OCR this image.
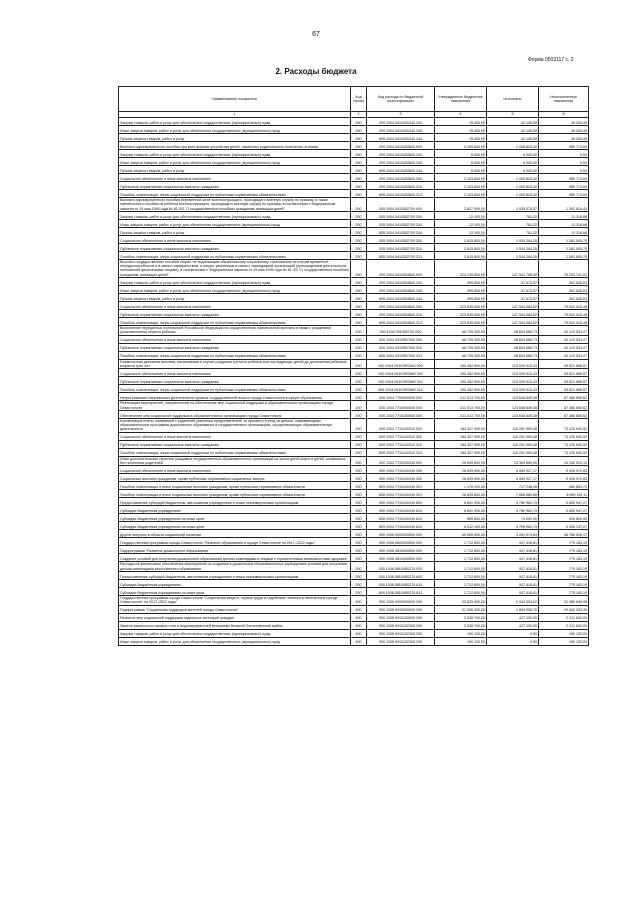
67
Форма 0503117 с. 2
2. Расходы бюджета
Наименование показателя	Код строки	Код расхода по бюджетной классификации	Утвержденные бюджетные назначения	Исполнено	Неисполненные назначения
1	2	3	4	5	6
Закупка товаров, работ и услуг для обеспечения государственных (муниципальных) нужд	200	000 1004 0910300343 200	78 400,00	42 149,55	36 250,45
Иные закупки товаров, работ и услуг для обеспечения государственных (муниципальных) нужд	200	000 1004 0910300343 240	78 400,00	42 149,55	36 250,45
Прочая закупка товаров, работ и услуг	200	855 1004 0910300343 244	78 400,00	42 149,55	36 250,45
Выплата единовременного пособия при всех формах устройства детей, лишенных родительского попечения, в семью	200	000 1004 0910352600 000	2 159 600,00	1 208 825,40	950 774,60
Закупка товаров, работ и услуг для обеспечения государственных (муниципальных) нужд	200	000 1004 0910352600 200	6 000,00	6 000,00	0,00
Иные закупки товаров, работ и услуг для обеспечения государственных (муниципальных) нужд	200	000 1004 0910352600 240	6 000,00	6 000,00	0,00
Прочая закупка товаров, работ и услуг	200	855 1004 0910352600 244	6 000,00	6 000,00	0,00
Социальное обеспечение и иные выплаты населению	200	000 1004 0910352600 300	2 153 600,00	1 202 825,40	950 774,60
Публичные нормативные социальные выплаты гражданам	200	000 1004 0910352600 310	2 153 600,00	1 202 825,40	950 774,60
Пособия, компенсации, меры социальной поддержки по публичным нормативным обязательствам	200	855 1004 0910352600 313	2 153 600,00	1 202 825,40	950 774,60
Выплата единовременного пособия беременной жене военнослужащего, проходящего военную службу по призыву, а также ежемесячного пособия на ребенка военнослужащего, проходящего военную службу по призыву, в соответствии с Федеральным законом от 19 мая 1995 года № 81-ФЗ "О государственных пособиях гражданам, имеющим детей"	200	000 1004 0910352700 000	2 627 900,00	1 535 075,57	1 092 824,43
Закупка товаров, работ и услуг для обеспечения государственных (муниципальных) нужд	200	000 1004 0910352700 200	12 100,00	781,32	11 318,68
Иные закупки товаров, работ и услуг для обеспечения государственных (муниципальных) нужд	200	000 1004 0910352700 240	12 100,00	781,32	11 318,68
Прочая закупка товаров, работ и услуг	200	855 1004 0910352700 244	12 100,00	781,32	11 318,68
Социальное обеспечение и иные выплаты населению	200	000 1004 0910352700 300	2 615 800,00	1 534 294,25	1 081 505,75
Публичные нормативные социальные выплаты гражданам	200	000 1004 0910352700 310	2 615 800,00	1 534 294,25	1 081 505,75
Пособия, компенсации, меры социальной поддержки по публичным нормативным обязательствам	200	855 1004 0910352700 313	2 615 800,00	1 534 294,25	1 081 505,75
Выплата государственных пособий лицам, не подлежащим обязательному социальному страхованию на случай временной нетрудоспособности и в связи с материнством, и лицам, уволенным в связи с ликвидацией организаций (прекращением деятельности, полномочий физическими лицами), в соответствии с Федеральным законом от 19 мая 1995 года № 81-ФЗ "О государственных пособиях гражданам, имеющим детей"	200	000 1004 0910353800 000	224 235 500,00	147 941 758,49	76 293 741,51
Закупка товаров, работ и услуг для обеспечения государственных (муниципальных) нужд	200	000 1004 0910353800 200	399 500,00	37 673,97	361 826,03
Иные закупки товаров, работ и услуг для обеспечения государственных (муниципальных) нужд	200	000 1004 0910353800 240	399 500,00	37 673,97	361 826,03
Прочая закупка товаров, работ и услуг	200	855 1004 0910353800 244	399 500,00	37 673,97	361 826,03
Социальное обеспечение и иные выплаты населению	200	000 1004 0910353800 300	223 836 000,00	147 904 084,52	75 931 915,48
Публичные нормативные социальные выплаты гражданам	200	000 1004 0910353800 310	223 836 000,00	147 904 084,52	75 931 915,48
Пособия, компенсации, меры социальной поддержки по публичным нормативным обязательствам	200	855 1004 0910353800 313	223 836 000,00	147 904 084,52	75 931 915,48
Выполнение переданных полномочий Российской Федерации по осуществлению ежемесячной выплаты в связи с рождением (усыновлением) первого ребенка	200	000 1004 09105573О 000	68 725 200,00	28 604 665,73	40 120 534,27
Социальное обеспечение и иные выплаты населению	200	000 1004 0910557300 300	68 725 200,00	28 604 665,73	40 120 534,27
Публичные нормативные социальные выплаты гражданам	200	000 1004 0910557300 310	68 725 200,00	28 604 665,73	40 120 534,27
Пособия, компенсации, меры социальной поддержки по публичным нормативным обязательствам	200	855 1004 0910557300 313	68 725 200,00	28 604 665,73	40 120 534,27
Ежемесячная денежная выплата, назначаемая в случае рождения третьего ребенка или последующих детей до достижения ребенком возраста трех лет	200	000 1004 0910ЭR0840 000	150 452 800,00	123 930 913,43	26 521 886,57
Социальное обеспечение и иные выплаты населению	200	000 1004 0910ЭR0840 300	150 452 800,00	123 930 913,43	26 521 886,57
Публичные нормативные социальные выплаты гражданам	200	000 1004 0910ЭR0840 310	150 452 800,00	123 930 913,43	26 521 886,57
Пособия, компенсации, меры социальной поддержки по публичным нормативным обязательствам	200	855 1004 0910ЭR0840 313	150 452 800,00	123 930 913,43	26 521 886,57
Непрограммные направления деятельности органов государственной власти города Севастополя в сфере образования	200	000 1004 7700000000 000	211 013 700,00	123 646 849,38	87 366 850,62
Реализация мероприятий, направленных на обеспечение мер социальной поддержки в образовательных организациях города Севастополя	200	000 1004 7710000000 000	211 013 700,00	123 646 849,38	87 366 850,62
Обеспечение мер социальной поддержки в образовательных организациях города Севастополя	200	000 1004 7710100000 000	211 013 700,00	123 646 849,38	87 366 850,62
Компенсация платы, взимаемой с родителей (законных представителей) за присмотр и уход за детьми, осваивающими образовательные программы дошкольного образования в государственных организациях, осуществляющих образовательную деятельность	200	000 1004 7710100310 000	184 407 900,00	110 281 959,48	74 125 940,52
Социальное обеспечение и иные выплаты населению	200	000 1004 7710100310 300	184 407 900,00	110 281 959,48	74 125 940,52
Публичные нормативные социальные выплаты гражданам	200	000 1004 7710100310 310	184 407 900,00	110 281 959,48	74 125 940,52
Пособия, компенсации, меры социальной поддержки по публичным нормативным обязательствам	200	809 1004 7710100310 313	184 407 900,00	110 281 959,48	74 125 940,52
Иные дополнительные гарантии учащимся государственных образовательных организаций из числа детей-сирот и детей, оставшихся без попечения родителей	200	000 1004 7710100340 000	26 605 800,00	13 364 889,90	13 240 910,10
Социальное обеспечение и иные выплаты населению	200	000 1004 7710100340 300	18 003 900,00	8 583 927,17	9 419 972,83
Социальные выплаты гражданам, кроме публичных нормативных социальных выплат	200	000 1004 7710100340 320	18 003 900,00	8 583 927,17	9 419 972,83
Пособия, компенсации и иные социальные выплаты гражданам, кроме публичных нормативных обязательств	200	809 1004 7710100340 321	1 178 100,00	717 246,28	460 853,72
Пособия, компенсации и иные социальные выплаты гражданам, кроме публичных нормативных обязательств	200	808 1004 7710100340 321	16 825 800,00	7 866 680,89	8 959 119,11
Предоставление субсидий бюджетным, автономным учреждениям и иным некоммерческим организациям	200	000 1004 7710100340 600	8 601 900,00	4 780 962,73	3 820 937,27
Субсидии бюджетным учреждениям	200	000 1004 7710100340 610	8 601 900,00	4 780 962,73	3 820 937,27
Субсидии бюджетным учреждениям на иные цели	200	808 1004 7710100340 612	589 800,00	74 000,00	515 800,00
Субсидии бюджетным учреждениям на иные цели	200	809 1004 7710100340 612	8 012 100,00	4 706 962,73	3 305 137,27
Другие вопросы в области социальной политики	200	000 1006 0000000000 000	40 069 000,00	3 281 973,83	36 786 026,17
Государственная программа города Севастополя "Развитие образования в городе Севастополе на 2017–2022 годы"	200	000 1006 0800000000 000	1 712 600,00	937 416,81	775 183,19
Подпрограмма "Развитие дошкольного образования"	200	000 1006 0810000000 000	1 712 600,00	937 416,81	775 183,19
Создание условий для получения дошкольного образования детьми-инвалидами и лицами с ограниченными возможностями здоровья	200	000 1006 0810400000 000	1 712 600,00	937 416,81	775 183,19
Расходы на финансовое обеспечение мероприятий по созданию в дошкольных образовательных учреждениях условий для получения детьми-инвалидами качественного образования	200	000 1006 08104R0270 000	1 712 600,00	937 416,81	775 183,19
Предоставление субсидий бюджетным, автономным учреждениям и иным некоммерческим организациям	200	000 1006 08104R0270 600	1 712 600,00	937 416,81	775 183,19
Субсидии бюджетным учреждениям	200	000 1006 08104R0270 610	1 712 600,00	937 416,81	775 183,19
Субсидии бюджетным учреждениям на иные цели	200	809 1006 08104R0270 612	1 712 600,00	937 416,81	775 183,19
Государственная программа города Севастополя "Социальная защита, охрана труда и содействие занятости населения в городе Севастополе" на 2017–2022 годы"	200	000 1006 0900000000 000	33 825 400,00	2 344 554,02	31 480 845,98
Подпрограмма "Социальная поддержка жителей города Севастополя"	200	000 1006 0910000000 000	31 306 300,00	1 663 906,70	29 642 393,30
Развитие мер социальной поддержки отдельных категорий граждан	200	000 1006 0910100000 000	2 438 700,00	427 100,00	2 011 600,00
Замена зажиточных газовых плит и водонагревателей ветеранам Великой Отечественной войны	200	000 1006 0910100306 000	2 438 700,00	427 100,00	2 011 600,00
Закупка товаров, работ и услуг для обеспечения государственных (муниципальных) нужд	200	000 1006 0910100306 200	190 100,00	0,00	190 100,00
Иные закупки товаров, работ и услуг для обеспечения государственных (муниципальных) нужд	200	000 1006 0910100306 240	190 100,00	0,00	190 100,00
